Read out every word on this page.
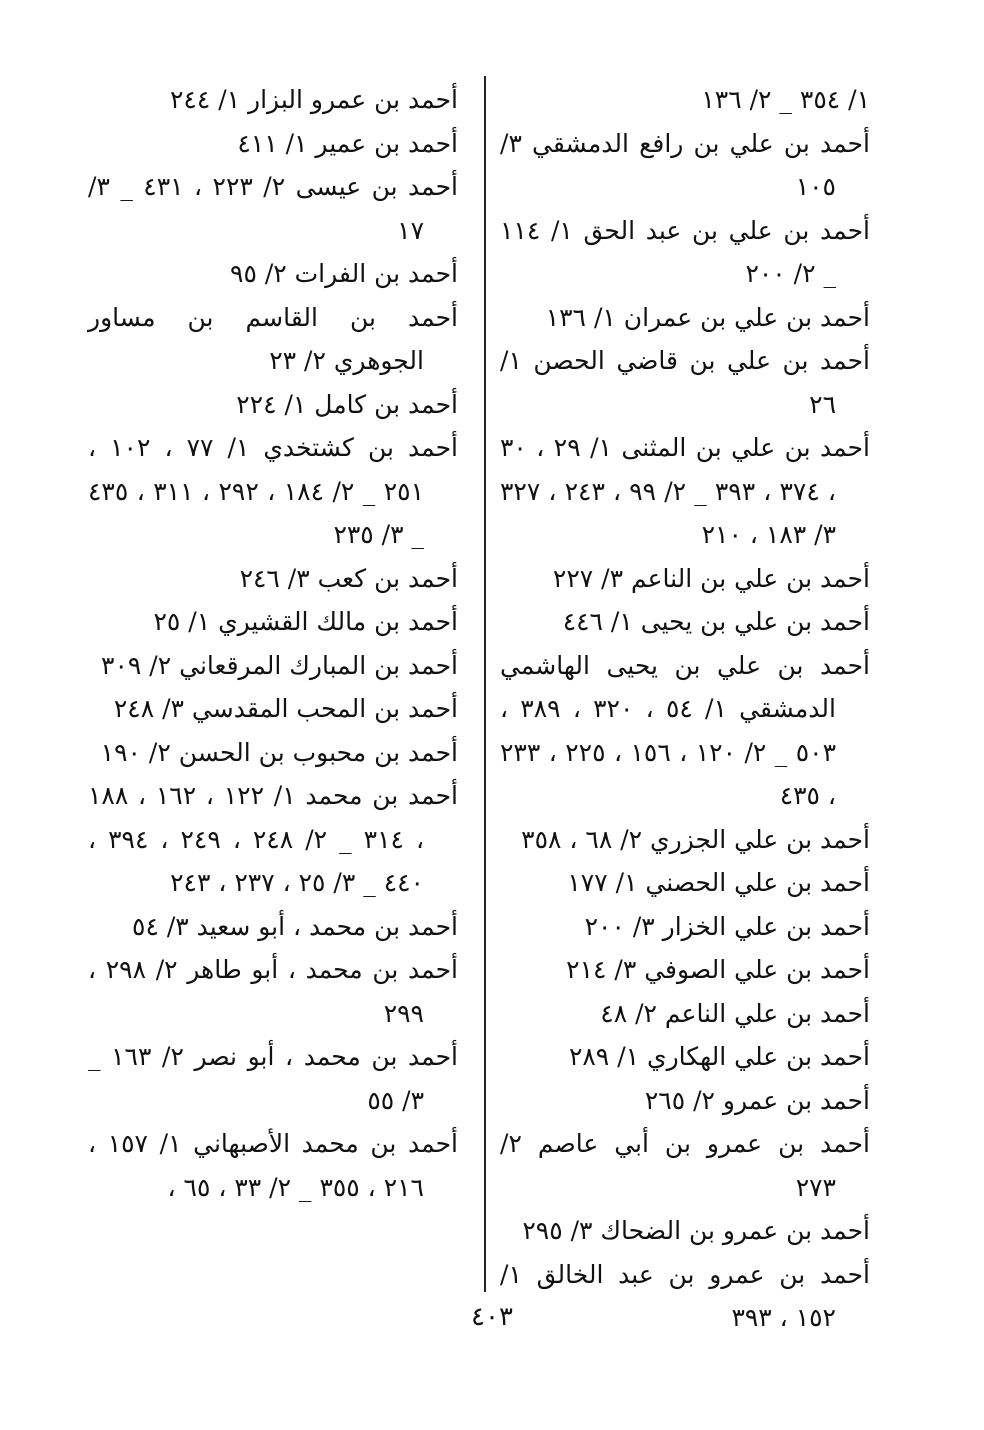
١/ ٣٥٤ _ ٢/ ١٣٦

أحمد بن علي بن رافع الدمشقي ٣/ ١٠٥

أحمد بن علي بن عبد الحق ١/ ١١٤ _ ٢/ ٢٠٠

أحمد بن علي بن عمران ١/ ١٣٦

أحمد بن علي بن قاضي الحصن ١/ ٢٦

أحمد بن علي بن المثنى ١/ ٢٩ ، ٣٠ ، ٣٧٤ ، ٣٩٣ _ ٢/ ٩٩ ، ٢٤٣ ، ٣٢٧ ٣/ ١٨٣ ، ٢١٠

أحمد بن علي بن الناعم ٣/ ٢٢٧

أحمد بن علي بن يحيى ١/ ٤٤٦

أحمد بن علي بن يحيى الهاشمي الدمشقي ١/ ٥٤ ، ٣٢٠ ، ٣٨٩ ، ٥٠٣ _ ٢/ ١٢٠ ، ١٥٦ ، ٢٢٥ ، ٢٣٣ ، ٤٣٥

أحمد بن علي الجزري ٢/ ٦٨ ، ٣٥٨

أحمد بن علي الحصني ١/ ١٧٧

أحمد بن علي الخزار ٣/ ٢٠٠

أحمد بن علي الصوفي ٣/ ٢١٤

أحمد بن علي الناعم ٢/ ٤٨

أحمد بن علي الهكاري ١/ ٢٨٩

أحمد بن عمرو ٢/ ٢٦٥

أحمد بن عمرو بن أبي عاصم ٢/ ٢٧٣

أحمد بن عمرو بن الضحاك ٣/ ٢٩٥

أحمد بن عمرو بن عبد الخالق ١/ ١٥٢ ، ٣٩٣

أحمد بن عمرو البزار ١/ ٢٤٤

أحمد بن عمير ١/ ٤١١

أحمد بن عيسى ٢/ ٢٢٣ ، ٤٣١ _ ٣/ ١٧

أحمد بن الفرات ٢/ ٩٥

أحمد بن القاسم بن مساور الجوهري ٢/ ٢٣

أحمد بن كامل ١/ ٢٢٤

أحمد بن كشتخدي ١/ ٧٧ ، ١٠٢ ، ٢٥١ _ ٢/ ١٨٤ ، ٢٩٢ ، ٣١١ ، ٤٣٥ _ ٣/ ٢٣٥

أحمد بن كعب ٣/ ٢٤٦

أحمد بن مالك القشيري ١/ ٢٥

أحمد بن المبارك المرقعاني ٢/ ٣٠٩

أحمد بن المحب المقدسي ٣/ ٢٤٨

أحمد بن محبوب بن الحسن ٢/ ١٩٠

أحمد بن محمد ١/ ١٢٢ ، ١٦٢ ، ١٨٨ ، ٣١٤ _ ٢/ ٢٤٨ ، ٢٤٩ ، ٣٩٤ ، ٤٤٠ _ ٣/ ٢٥ ، ٢٣٧ ، ٢٤٣

أحمد بن محمد ، أبو سعيد ٣/ ٥٤

أحمد بن محمد ، أبو طاهر ٢/ ٢٩٨ ، ٢٩٩

أحمد بن محمد ، أبو نصر ٢/ ١٦٣ _ ٣/ ٥٥

أحمد بن محمد الأصبهاني ١/ ١٥٧ ، ٢١٦ ، ٣٥٥ _ ٢/ ٣٣ ، ٦٥ ،

٤٠٣
